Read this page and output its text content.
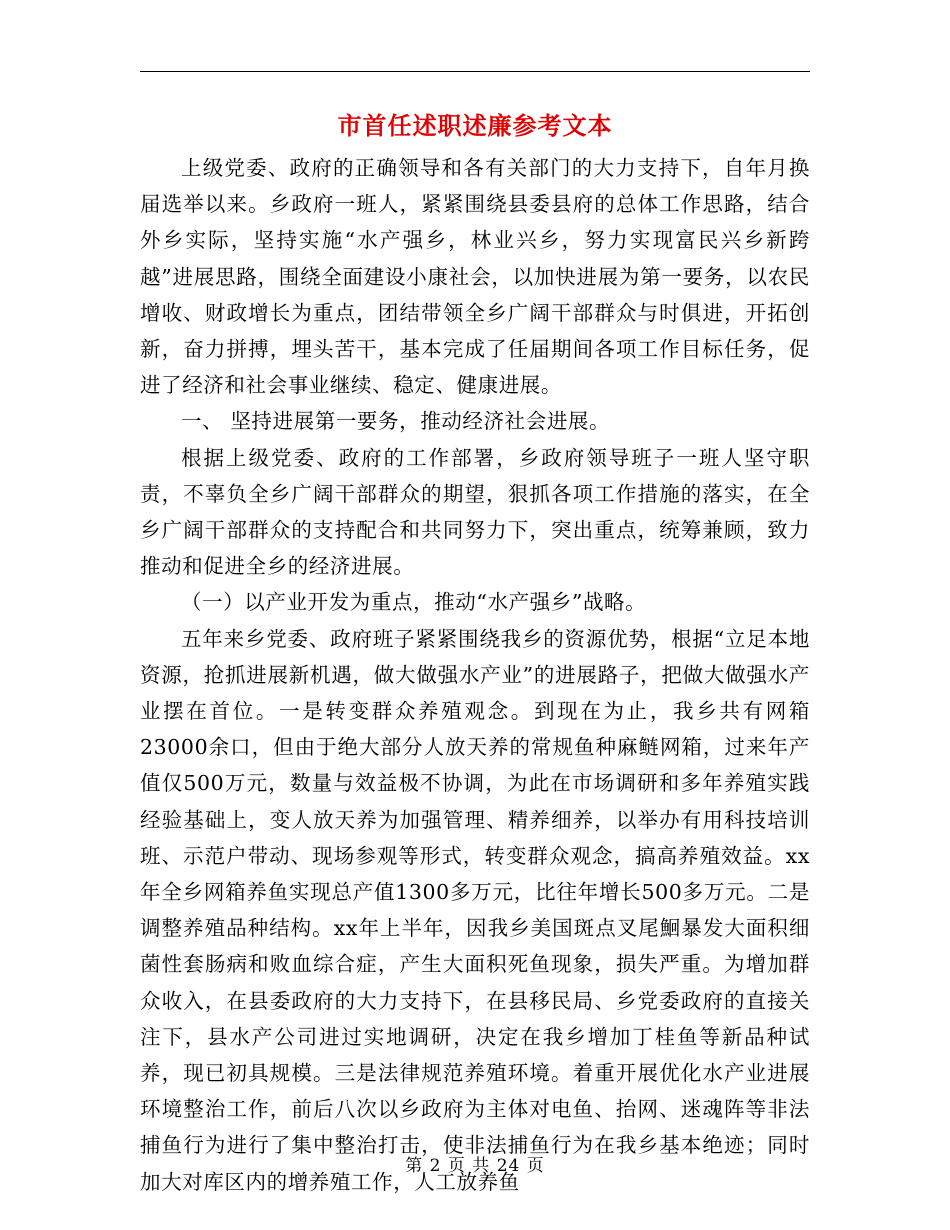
市首任述职述廉参考文本

上级党委、政府的正确领导和各有关部门的大力支持下，自年月换届选举以来。乡政府一班人，紧紧围绕县委县府的总体工作思路，结合外乡实际，坚持实施“水产强乡，林业兴乡，努力实现富民兴乡新跨越”进展思路，围绕全面建设小康社会，以加快进展为第一要务，以农民增收、财政增长为重点，团结带领全乡广阔干部群众与时俱进，开拓创新，奋力拼搏，埋头苦干，基本完成了任届期间各项工作目标任务，促进了经济和社会事业继续、稳定、健康进展。

一、 坚持进展第一要务，推动经济社会进展。

根据上级党委、政府的工作部署，乡政府领导班子一班人坚守职责，不辜负全乡广阔干部群众的期望，狠抓各项工作措施的落实，在全乡广阔干部群众的支持配合和共同努力下，突出重点，统筹兼顾，致力推动和促进全乡的经济进展。

（一）以产业开发为重点，推动“水产强乡”战略。

五年来乡党委、政府班子紧紧围绕我乡的资源优势，根据“立足本地资源，抢抓进展新机遇，做大做强水产业”的进展路子，把做大做强水产业摆在首位。一是转变群众养殖观念。到现在为止，我乡共有网箱23000余口，但由于绝大部分人放天养的常规鱼种麻鲢网箱，过来年产值仅500万元，数量与效益极不协调，为此在市场调研和多年养殖实践经验基础上，变人放天养为加强管理、精养细养，以举办有用科技培训班、示范户带动、现场参观等形式，转变群众观念，搞高养殖效益。xx年全乡网箱养鱼实现总产值1300多万元，比往年增长500多万元。二是调整养殖品种结构。xx年上半年，因我乡美国斑点叉尾鮰暴发大面积细菌性套肠病和败血综合症，产生大面积死鱼现象，损失严重。为增加群众收入，在县委政府的大力支持下，在县移民局、乡党委政府的直接关注下，县水产公司进过实地调研，决定在我乡增加丁桂鱼等新品种试养，现已初具规模。三是法律规范养殖环境。着重开展优化水产业进展环境整治工作，前后八次以乡政府为主体对电鱼、抬网、迷魂阵等非法捕鱼行为进行了集中整治打击，使非法捕鱼行为在我乡基本绝迹；同时加大对库区内的增养殖工作，人工放养鱼

第 2 页 共 24 页
